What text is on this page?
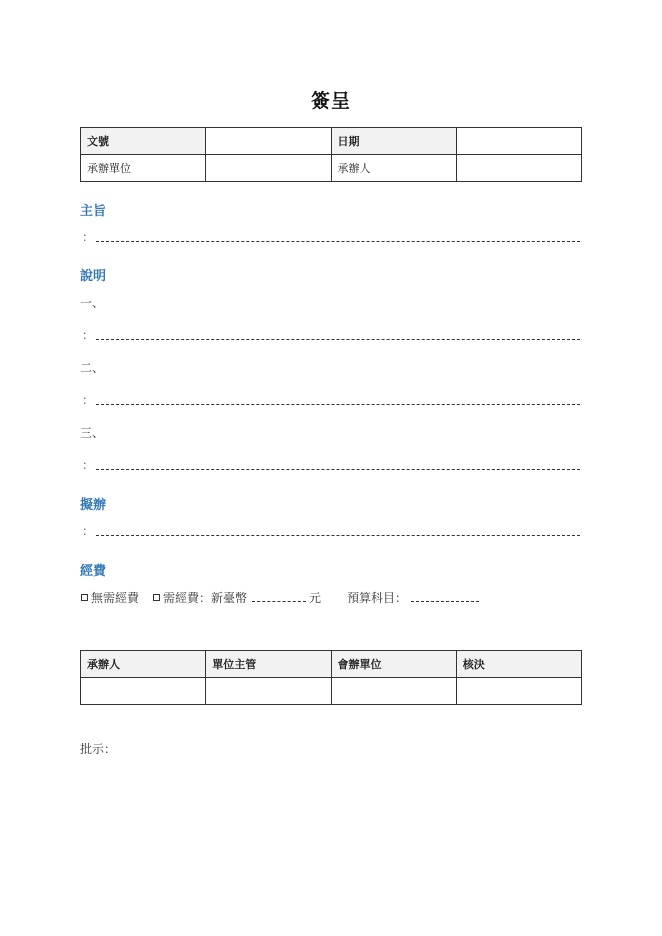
簽呈
文號		日期	
承辦單位		承辦人	
主旨
：
說明
一、
：
二、
：
三、
：
擬辦
：
經費
無需經費 需經費：新臺幣	元 預算科目：
承辦人	單位主管	會辦單位	核決

批示：
